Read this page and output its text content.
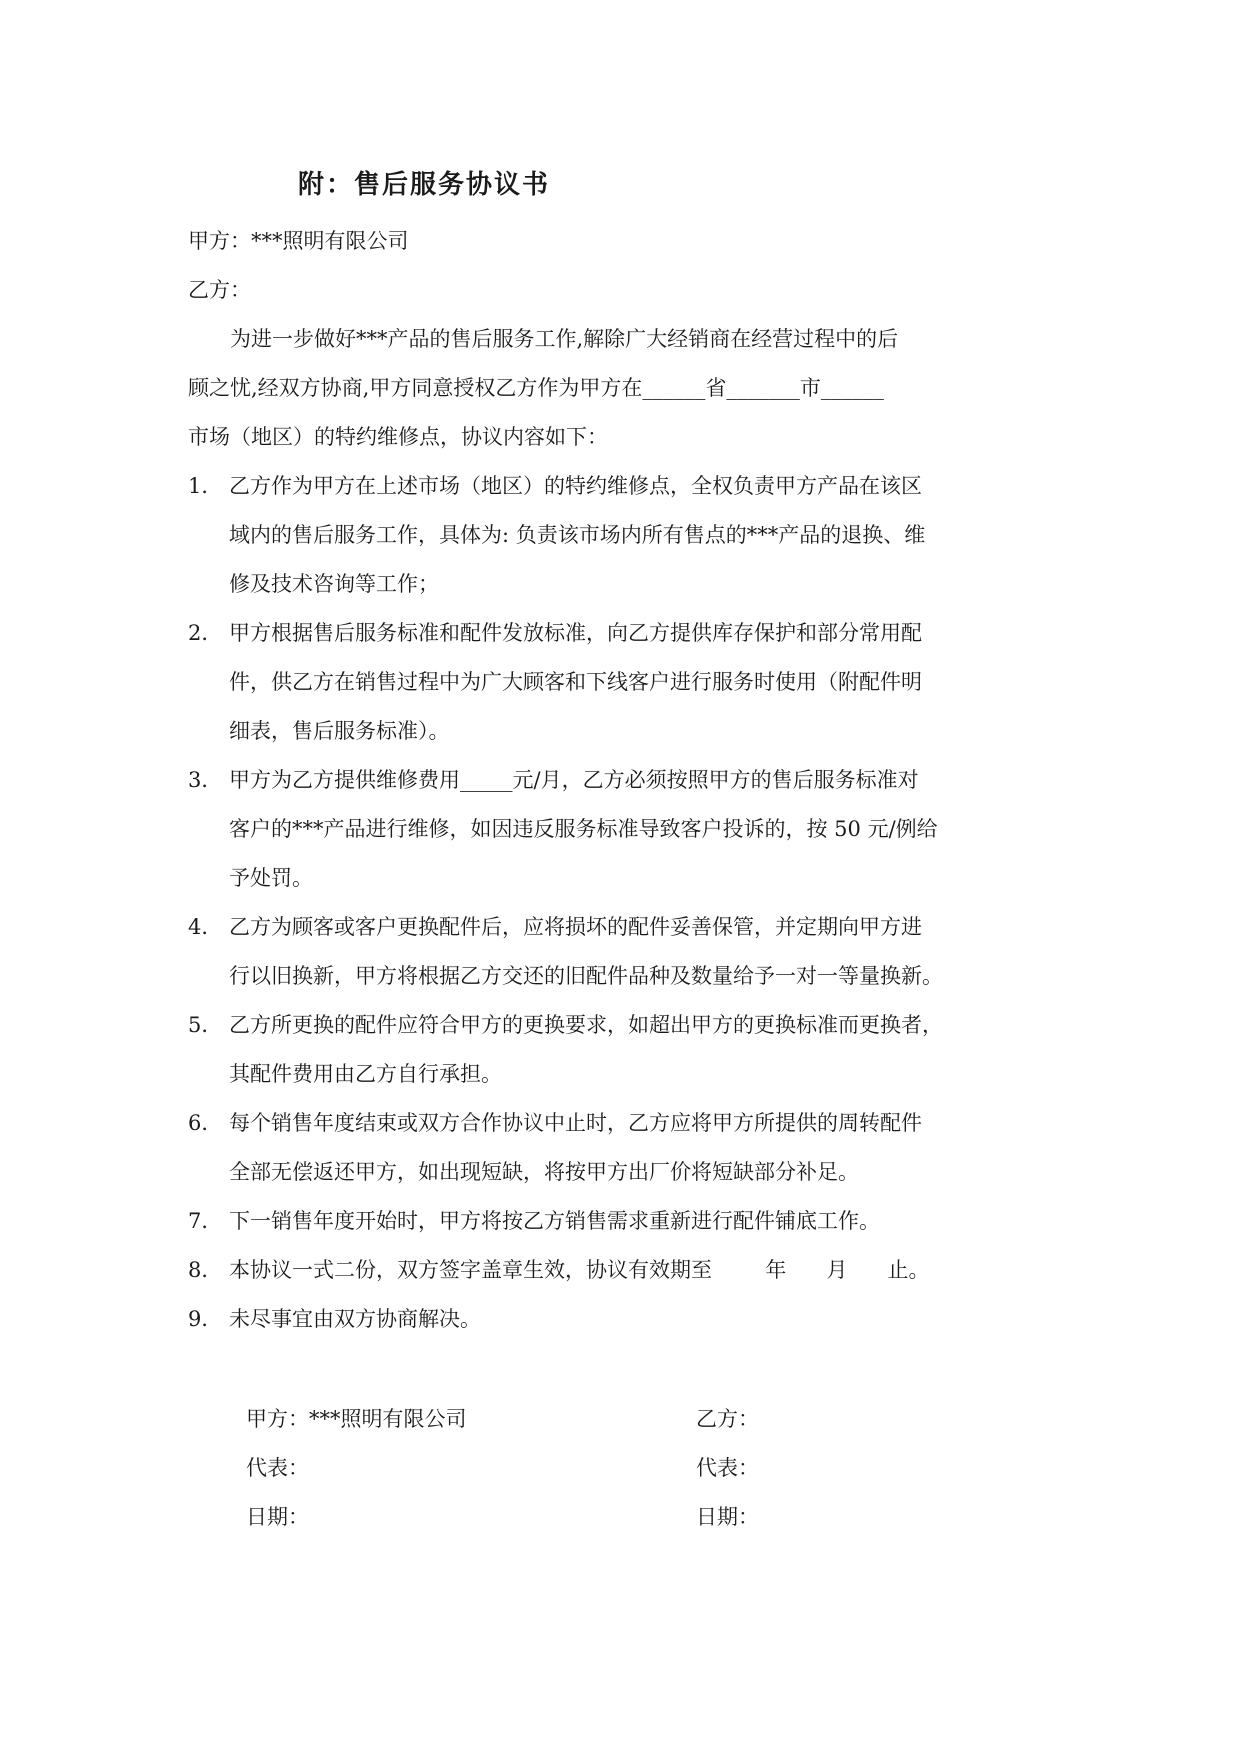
附：售后服务协议书
甲方：***照明有限公司
乙方：
为进一步做好***产品的售后服务工作,解除广大经销商在经营过程中的后
顾之忧,经双方协商,甲方同意授权乙方作为甲方在______省_______市______
市场（地区）的特约维修点，协议内容如下：
1． 乙方作为甲方在上述市场（地区）的特约维修点，全权负责甲方产品在该区
域内的售后服务工作，具体为: 负责该市场内所有售点的***产品的退换、维
修及技术咨询等工作；
2． 甲方根据售后服务标准和配件发放标准，向乙方提供库存保护和部分常用配
件，供乙方在销售过程中为广大顾客和下线客户进行服务时使用（附配件明
细表，售后服务标准）。
3． 甲方为乙方提供维修费用_____元/月，乙方必须按照甲方的售后服务标准对
客户的***产品进行维修，如因违反服务标准导致客户投诉的，按 50 元/例给
予处罚。
4． 乙方为顾客或客户更换配件后，应将损坏的配件妥善保管，并定期向甲方进
行以旧换新，甲方将根据乙方交还的旧配件品种及数量给予一对一等量换新。
5． 乙方所更换的配件应符合甲方的更换要求，如超出甲方的更换标准而更换者，
其配件费用由乙方自行承担。
6． 每个销售年度结束或双方合作协议中止时，乙方应将甲方所提供的周转配件
全部无偿返还甲方，如出现短缺，将按甲方出厂价将短缺部分补足。
7． 下一销售年度开始时，甲方将按乙方销售需求重新进行配件铺底工作。
8． 本协议一式二份，双方签字盖章生效，协议有效期至        年      月      止。
9． 未尽事宜由双方协商解决。
甲方：***照明有限公司
代表：
日期：
乙方：
代表：
日期：
